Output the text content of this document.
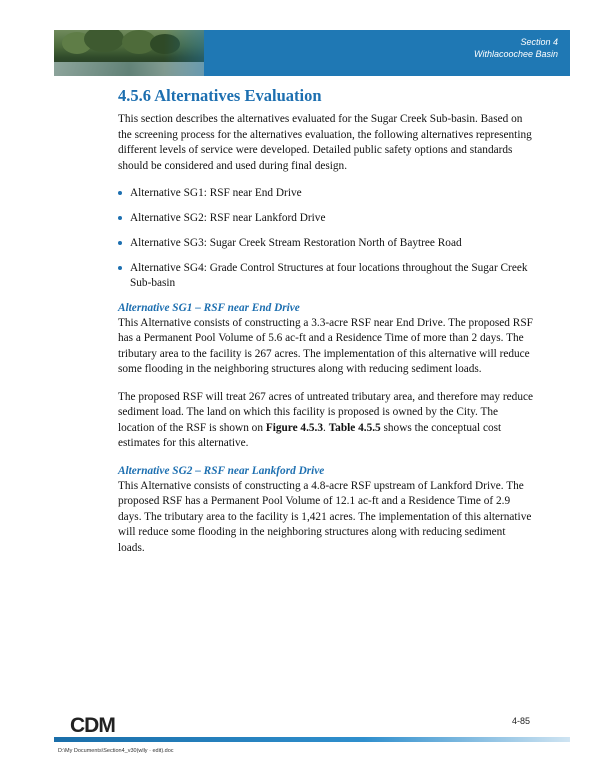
Section 4
Withlacoochee Basin
4.5.6 Alternatives Evaluation

This section describes the alternatives evaluated for the Sugar Creek Sub-basin. Based on the screening process for the alternatives evaluation, the following alternatives representing different levels of service were developed. Detailed public safety options and standards should be considered and used during final design.

Alternative SG1: RSF near End Drive
Alternative SG2: RSF near Lankford Drive
Alternative SG3: Sugar Creek Stream Restoration North of Baytree Road
Alternative SG4: Grade Control Structures at four locations throughout the Sugar Creek Sub-basin
Alternative SG1 – RSF near End Drive

This Alternative consists of constructing a 3.3-acre RSF near End Drive. The proposed RSF has a Permanent Pool Volume of 5.6 ac-ft and a Residence Time of more than 2 days. The tributary area to the facility is 267 acres. The implementation of this alternative will reduce some flooding in the neighboring structures along with reducing sediment loads.

The proposed RSF will treat 267 acres of untreated tributary area, and therefore may reduce sediment load. The land on which this facility is proposed is owned by the City. The location of the RSF is shown on Figure 4.5.3. Table 4.5.5 shows the conceptual cost estimates for this alternative.

Alternative SG2 – RSF near Lankford Drive

This Alternative consists of constructing a 4.8-acre RSF upstream of Lankford Drive. The proposed RSF has a Permanent Pool Volume of 12.1 ac-ft and a Residence Time of 2.9 days. The tributary area to the facility is 1,421 acres. The implementation of this alternative will reduce some flooding in the neighboring structures along with reducing sediment loads.

CDM	4-85
D:\My Documents\Section4_v30(wlly · edit).doc
